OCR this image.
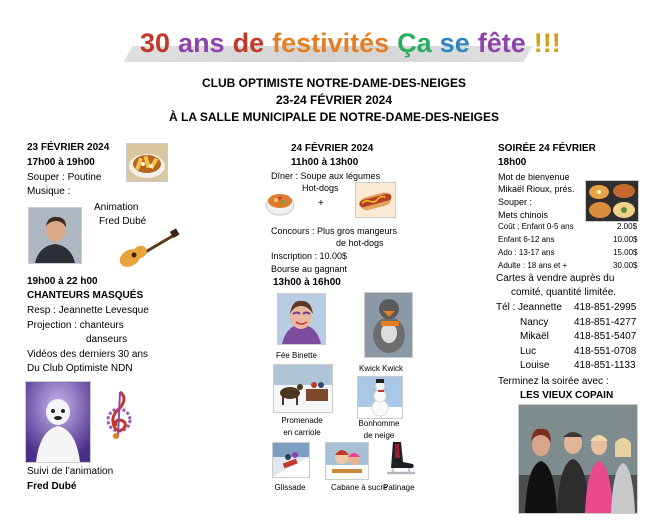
30 ans de festivités Ça se fête !!!
CLUB OPTIMISTE NOTRE-DAME-DES-NEIGES
23-24 FÉVRIER 2024
À LA SALLE MUNICIPALE DE NOTRE-DAME-DES-NEIGES
23 FÉVRIER 2024
17h00 à 19h00
Souper : Poutine
Musique :
Animation
Fred Dubé
19h00 à 22 h00
CHANTEURS MASQUÉS
Resp : Jeannette Levesque
Projection : chanteurs
danseurs
Vidéos des derniers 30 ans
Du Club Optimiste NDN
Suivi de l’animation
Fred Dubé
24 FÉVRIER 2024
11h00 à 13h00
Dîner : Soupe aux légumes
Hot-dogs
+
Concours : Plus gros mangeurs
de hot-dogs
Inscription : 10.00$
Bourse au gagnant
13h00 à 16h00
Fée Binette
Kwick Kwick
Promenade
en carriole
Bonhomme
de neige
Glissade	Cabane à sucre
Patinage
SOIRÉE 24 FÉVRIER
18h00
Mot de bienvenue
Mikaël Rioux, prés.
Souper :
Mets chinois
Coût ; Enfant 0-5 ans	2.00$
Enfant 6-12 ans	10.00$
Ado : 13-17 ans	15.00$
Adulte : 18 ans et +	30.00$
Cartes à vendre auprès du
comité, quantité limitée.
Tél : Jeannette 418-851-2995
Nancy	418-851-4277
Mikaël	418-851-5407
Luc	418-551-0708
Louise 418-851-1133
Terminez la soirée avec :
LES VIEUX COPAIN
